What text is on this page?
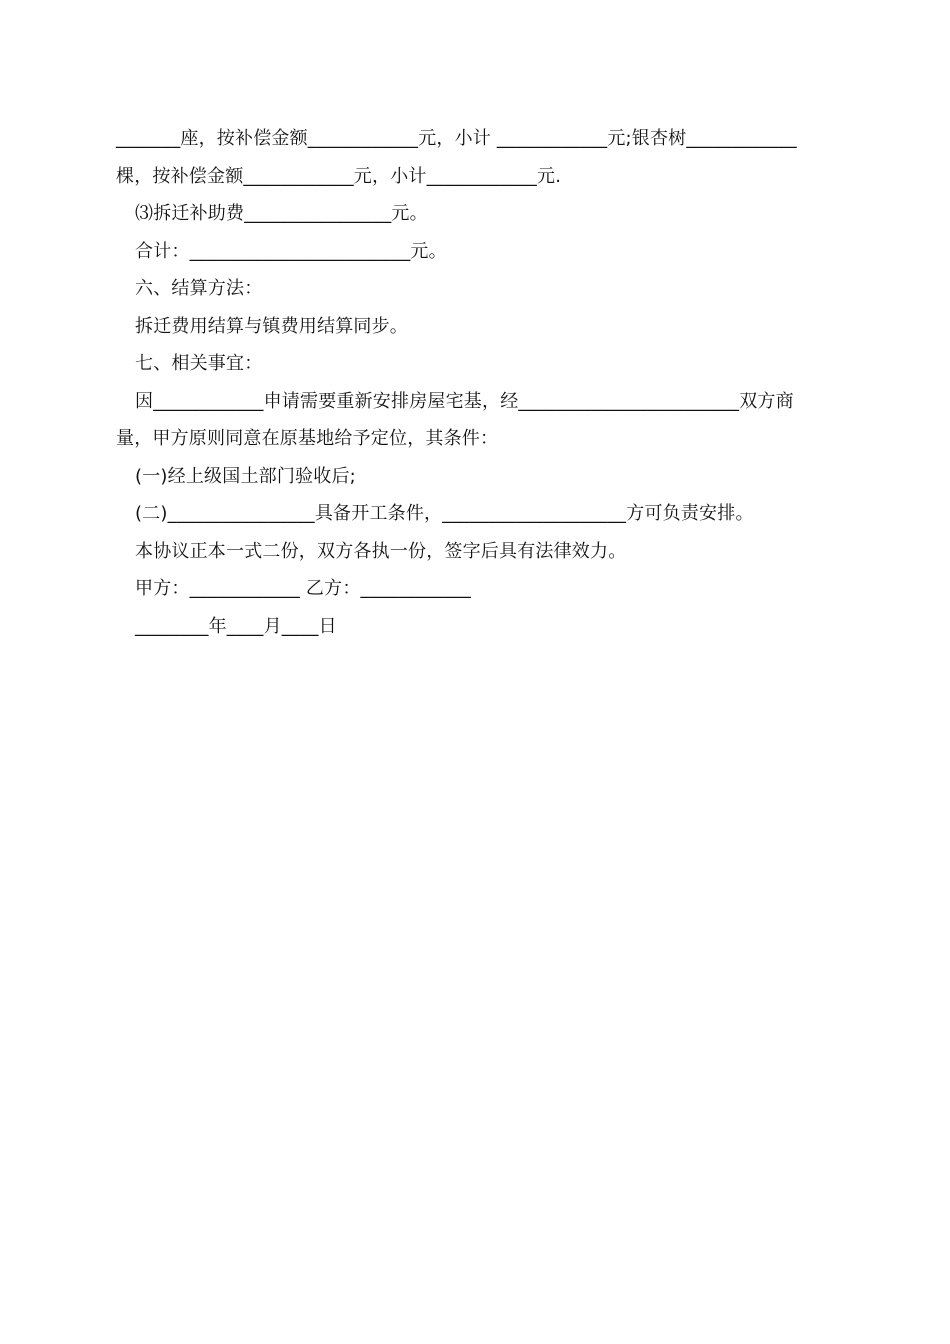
_______座，按补偿金额____________元，小计 ____________元;银杏树____________
棵，按补偿金额____________元，小计____________元.
⑶拆迁补助费________________元。
合计：________________________元。
六、结算方法：
拆迁费用结算与镇费用结算同步。
七、相关事宜：
因____________申请需要重新安排房屋宅基，经________________________双方商
量，甲方原则同意在原基地给予定位，其条件：
(一)经上级国土部门验收后;
(二)________________具备开工条件，____________________方可负责安排。
本协议正本一式二份，双方各执一份，签字后具有法律效力。
甲方：____________ 乙方：____________
________年____月____日
